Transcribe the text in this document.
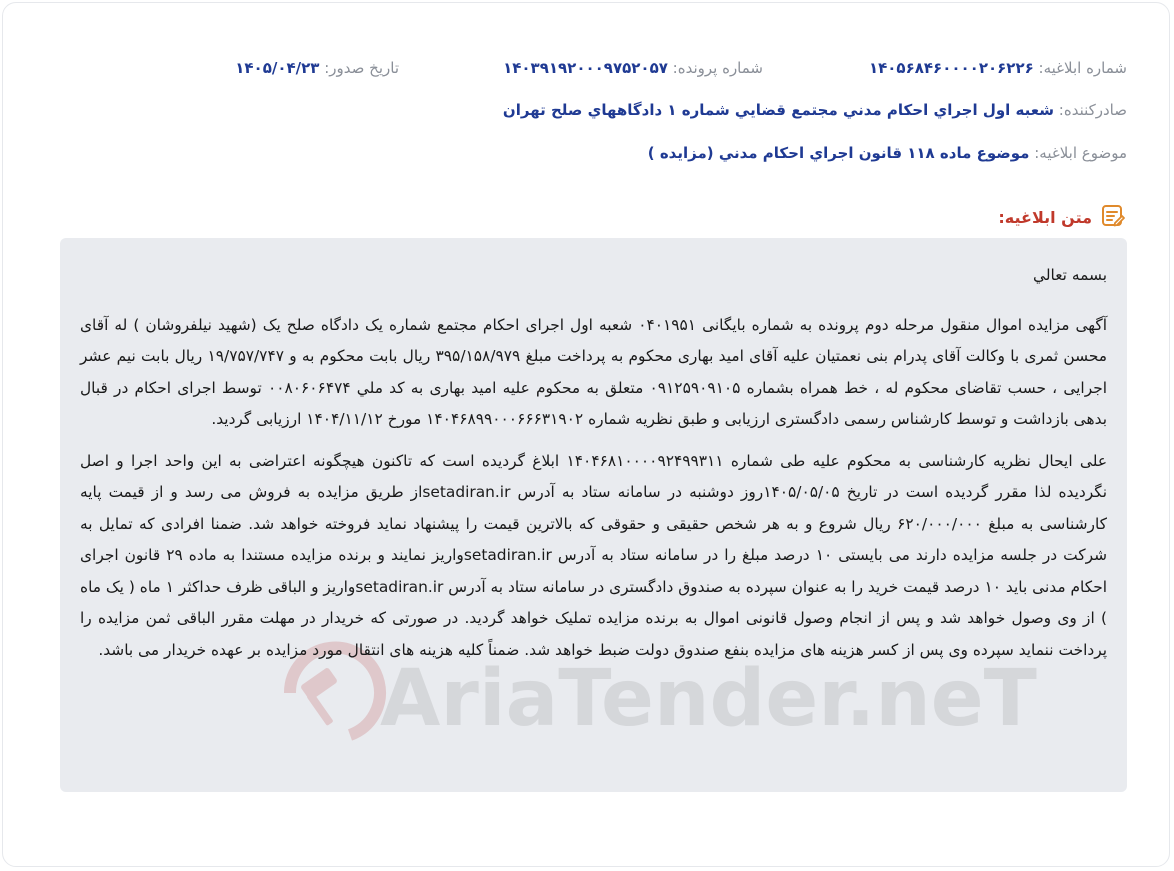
شماره ابلاغیه: ۱۴۰۵۶۸۴۶۰۰۰۰۲۰۶۲۲۶
شماره پرونده: ۱۴۰۳۹۱۹۲۰۰۰۹۷۵۲۰۵۷
تاریخ صدور: ۱۴۰۵/۰۴/۲۳
صادرکننده: شعبه اول اجراي احكام مدني مجتمع قضايي شماره ۱ دادگاههاي صلح تهران
موضوع ابلاغیه: موضوع ماده ۱۱۸ قانون اجراي احكام مدني (مزايده )
متن ابلاغیه:
AriaTender.neT

بسمه تعالي

آگهی مزایده اموال منقول مرحله دوم پرونده به شماره بایگانی ۰۴۰۱۹۵۱ شعبه اول اجرای احکام مجتمع شماره یک دادگاه صلح یک (شهید نیلفروشان ) له آقای محسن ثمری با وکالت آقای پدرام بنی نعمتیان علیه آقای امید بهاری محکوم به پرداخت مبلغ ۳۹۵/۱۵۸/۹۷۹ ریال بابت محکوم به و ۱۹/۷۵۷/۷۴۷ ریال بابت نیم عشر اجرایی ، حسب تقاضای محکوم له ، خط همراه بشماره ۰۹۱۲۵۹۰۹۱۰۵ متعلق به محکوم علیه امید بهاری به کد ملي ۰۰۸۰۶۰۶۴۷۴ توسط اجرای احکام در قبال بدهی بازداشت و توسط کارشناس رسمی دادگستری ارزیابی و طبق نظریه شماره ۱۴۰۴۶۸۹۹۰۰۰۶۶۶۳۱۹۰۲ مورخ ۱۴۰۴/۱۱/۱۲ ارزیابی گردید.

علی ایحال نظریه کارشناسی به محکوم علیه طی شماره ۱۴۰۴۶۸۱۰۰۰۰۹۲۴۹۹۳۱۱ ابلاغ گردیده است که تاکنون هیچگونه اعتراضی به این واحد اجرا و اصل نگردیده لذا مقرر گردیده است در تاریخ ۱۴۰۵/۰۵/۰۵روز دوشنبه در سامانه ستاد به آدرس setadiran.irاز طریق مزایده به فروش می رسد و از قیمت پایه کارشناسی به مبلغ ۶۲۰/۰۰۰/۰۰۰ ریال شروع و به هر شخص حقیقی و حقوقی که بالاترین قیمت را پیشنهاد نماید فروخته خواهد شد. ضمنا افرادی که تمایل به شرکت در جلسه مزایده دارند می بایستی ۱۰ درصد مبلغ را در سامانه ستاد به آدرس setadiran.irواریز نمایند و برنده مزایده مستندا به ماده ۲۹ قانون اجرای احکام مدنی باید ۱۰ درصد قیمت خرید را به عنوان سپرده به صندوق دادگستری در سامانه ستاد به آدرس setadiran.irواریز و الباقی ظرف حداکثر ۱ ماه ( یک ماه ) از وی وصول خواهد شد و پس از انجام وصول قانونی اموال به برنده مزایده تملیک خواهد گردید. در صورتی که خریدار در مهلت مقرر الباقی ثمن مزایده را پرداخت ننماید سپرده وی پس از کسر هزینه های مزایده بنفع صندوق دولت ضبط خواهد شد. ضمناً کلیه هزینه های انتقال مورد مزایده بر عهده خریدار می باشد.
